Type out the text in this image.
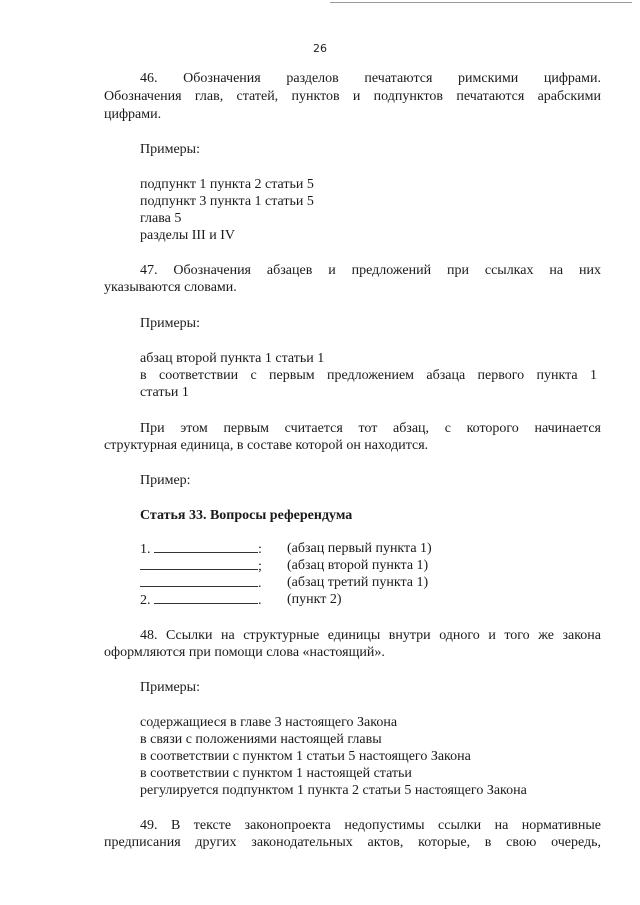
26
46. Обозначения разделов печатаются римскими цифрами.
Обозначения глав, статей, пунктов и подпунктов печатаются арабскими
цифрами.
Примеры:
подпункт 1 пункта 2 статьи 5
подпункт 3 пункта 1 статьи 5
глава 5
разделы III и IV
47. Обозначения абзацев и предложений при ссылках на них
указываются словами.
Примеры:
абзац второй пункта 1 статьи 1
в соответствии с первым предложением абзаца первого пункта 1
статьи 1
При этом первым считается тот абзац, с которого начинается
структурная единица, в составе которой он находится.
Пример:
Статья 33. Вопросы референдума
1.	: (абзац первый пункта 1)
; (абзац второй пункта 1)
. (абзац третий пункта 1)
2.	. (пункт 2)
48. Ссылки на структурные единицы внутри одного и того же закона
оформляются при помощи слова «настоящий».
Примеры:
содержащиеся в главе 3 настоящего Закона
в связи с положениями настоящей главы
в соответствии с пунктом 1 статьи 5 настоящего Закона
в соответствии с пунктом 1 настоящей статьи
регулируется подпунктом 1 пункта 2 статьи 5 настоящего Закона
49. В тексте законопроекта недопустимы ссылки на нормативные
предписания других законодательных актов, которые, в свою очередь,
